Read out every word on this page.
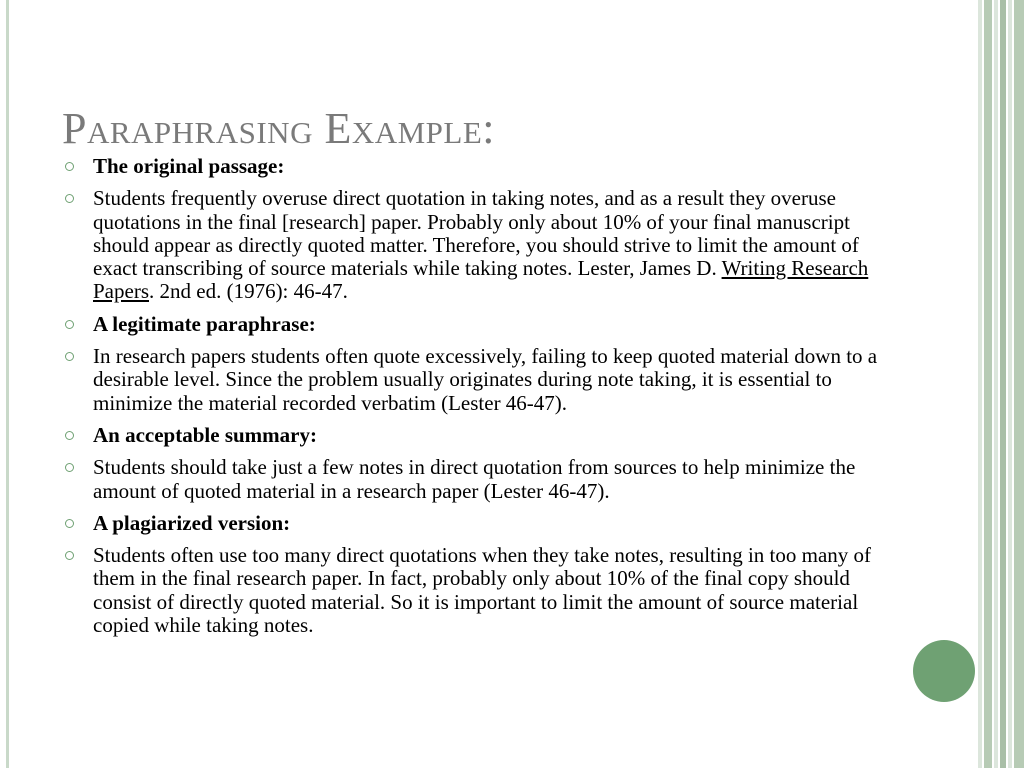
Paraphrasing Example:
The original passage:
Students frequently overuse direct quotation in taking notes, and as a result they overuse quotations in the final [research] paper. Probably only about 10% of your final manuscript should appear as directly quoted matter. Therefore, you should strive to limit the amount of exact transcribing of source materials while taking notes. Lester, James D. Writing Research Papers. 2nd ed. (1976): 46-47.
A legitimate paraphrase:
In research papers students often quote excessively, failing to keep quoted material down to a desirable level. Since the problem usually originates during note taking, it is essential to minimize the material recorded verbatim (Lester 46-47).
An acceptable summary:
Students should take just a few notes in direct quotation from sources to help minimize the amount of quoted material in a research paper (Lester 46-47).
A plagiarized version:
Students often use too many direct quotations when they take notes, resulting in too many of them in the final research paper. In fact, probably only about 10% of the final copy should consist of directly quoted material. So it is important to limit the amount of source material copied while taking notes.
